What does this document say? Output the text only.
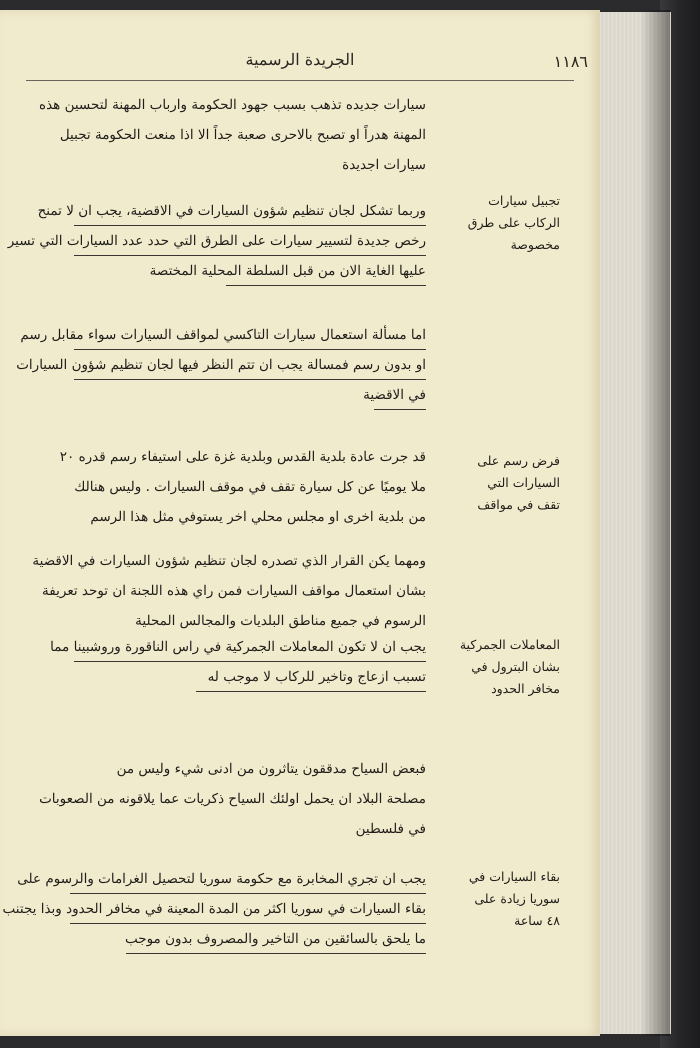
١١٨٦
الجريدة الرسمية
سيارات جديده تذهب بسبب جهود الحكومة وارباب المهنة لتحسين هذه
المهنة هدراً او تصبح بالاحرى صعبة جداً الا اذا منعت الحكومة تجبيل
سيارات اجديدة
وربما تشكل لجان تنظيم شؤون السيارات في الاقضية، يجب ان لا تمنح
رخص جديدة لتسيير سيارات على الطرق التي حدد عدد السيارات التي تسير
عليها الغاية الان من قبل السلطة المحلية المختصة
اما مسألة استعمال سيارات التاكسي لمواقف السيارات سواء مقابل رسم
او بدون رسم فمسالة يجب ان تتم النظر فيها لجان تنظيم شؤون السيارات
في الاقضية
قد جرت عادة بلدية القدس وبلدية غزة على استيفاء رسم قدره ٢٠
ملا يوميًا عن كل سيارة تقف في موقف السيارات . وليس هنالك
من بلدية اخرى او مجلس محلي اخر يستوفي مثل هذا الرسم
ومهما يكن القرار الذي تصدره لجان تنظيم شؤون السيارات في الاقضية
بشان استعمال مواقف السيارات فمن راي هذه اللجنة ان توحد تعريفة
الرسوم في جميع مناطق البلديات والمجالس المحلية
يجب ان لا تكون المعاملات الجمركية في راس الناقورة وروشبينا مما
تسبب ازعاج وتاخير للركاب لا موجب له
فبعض السياح مدققون يتاثرون من ادنى شيء وليس من
مصلحة البلاد ان يحمل اولئك السياح ذكريات عما يلاقونه من الصعوبات
في فلسطين
يجب ان تجري المخابرة مع حكومة سوريا لتحصيل الغرامات والرسوم على
بقاء السيارات في سوريا اكثر من المدة المعينة في مخافر الحدود وبذا يجتنب
ما يلحق بالسائقين من التاخير والمصروف بدون موجب
تجبيل سيارات
الركاب على طرق
مخصوصة
فرض رسم على
السيارات التي
تقف في مواقف
المعاملات الجمركية
بشان البترول في
مخافر الحدود
بقاء السيارات في
سوريا زيادة على
٤٨ ساعة
